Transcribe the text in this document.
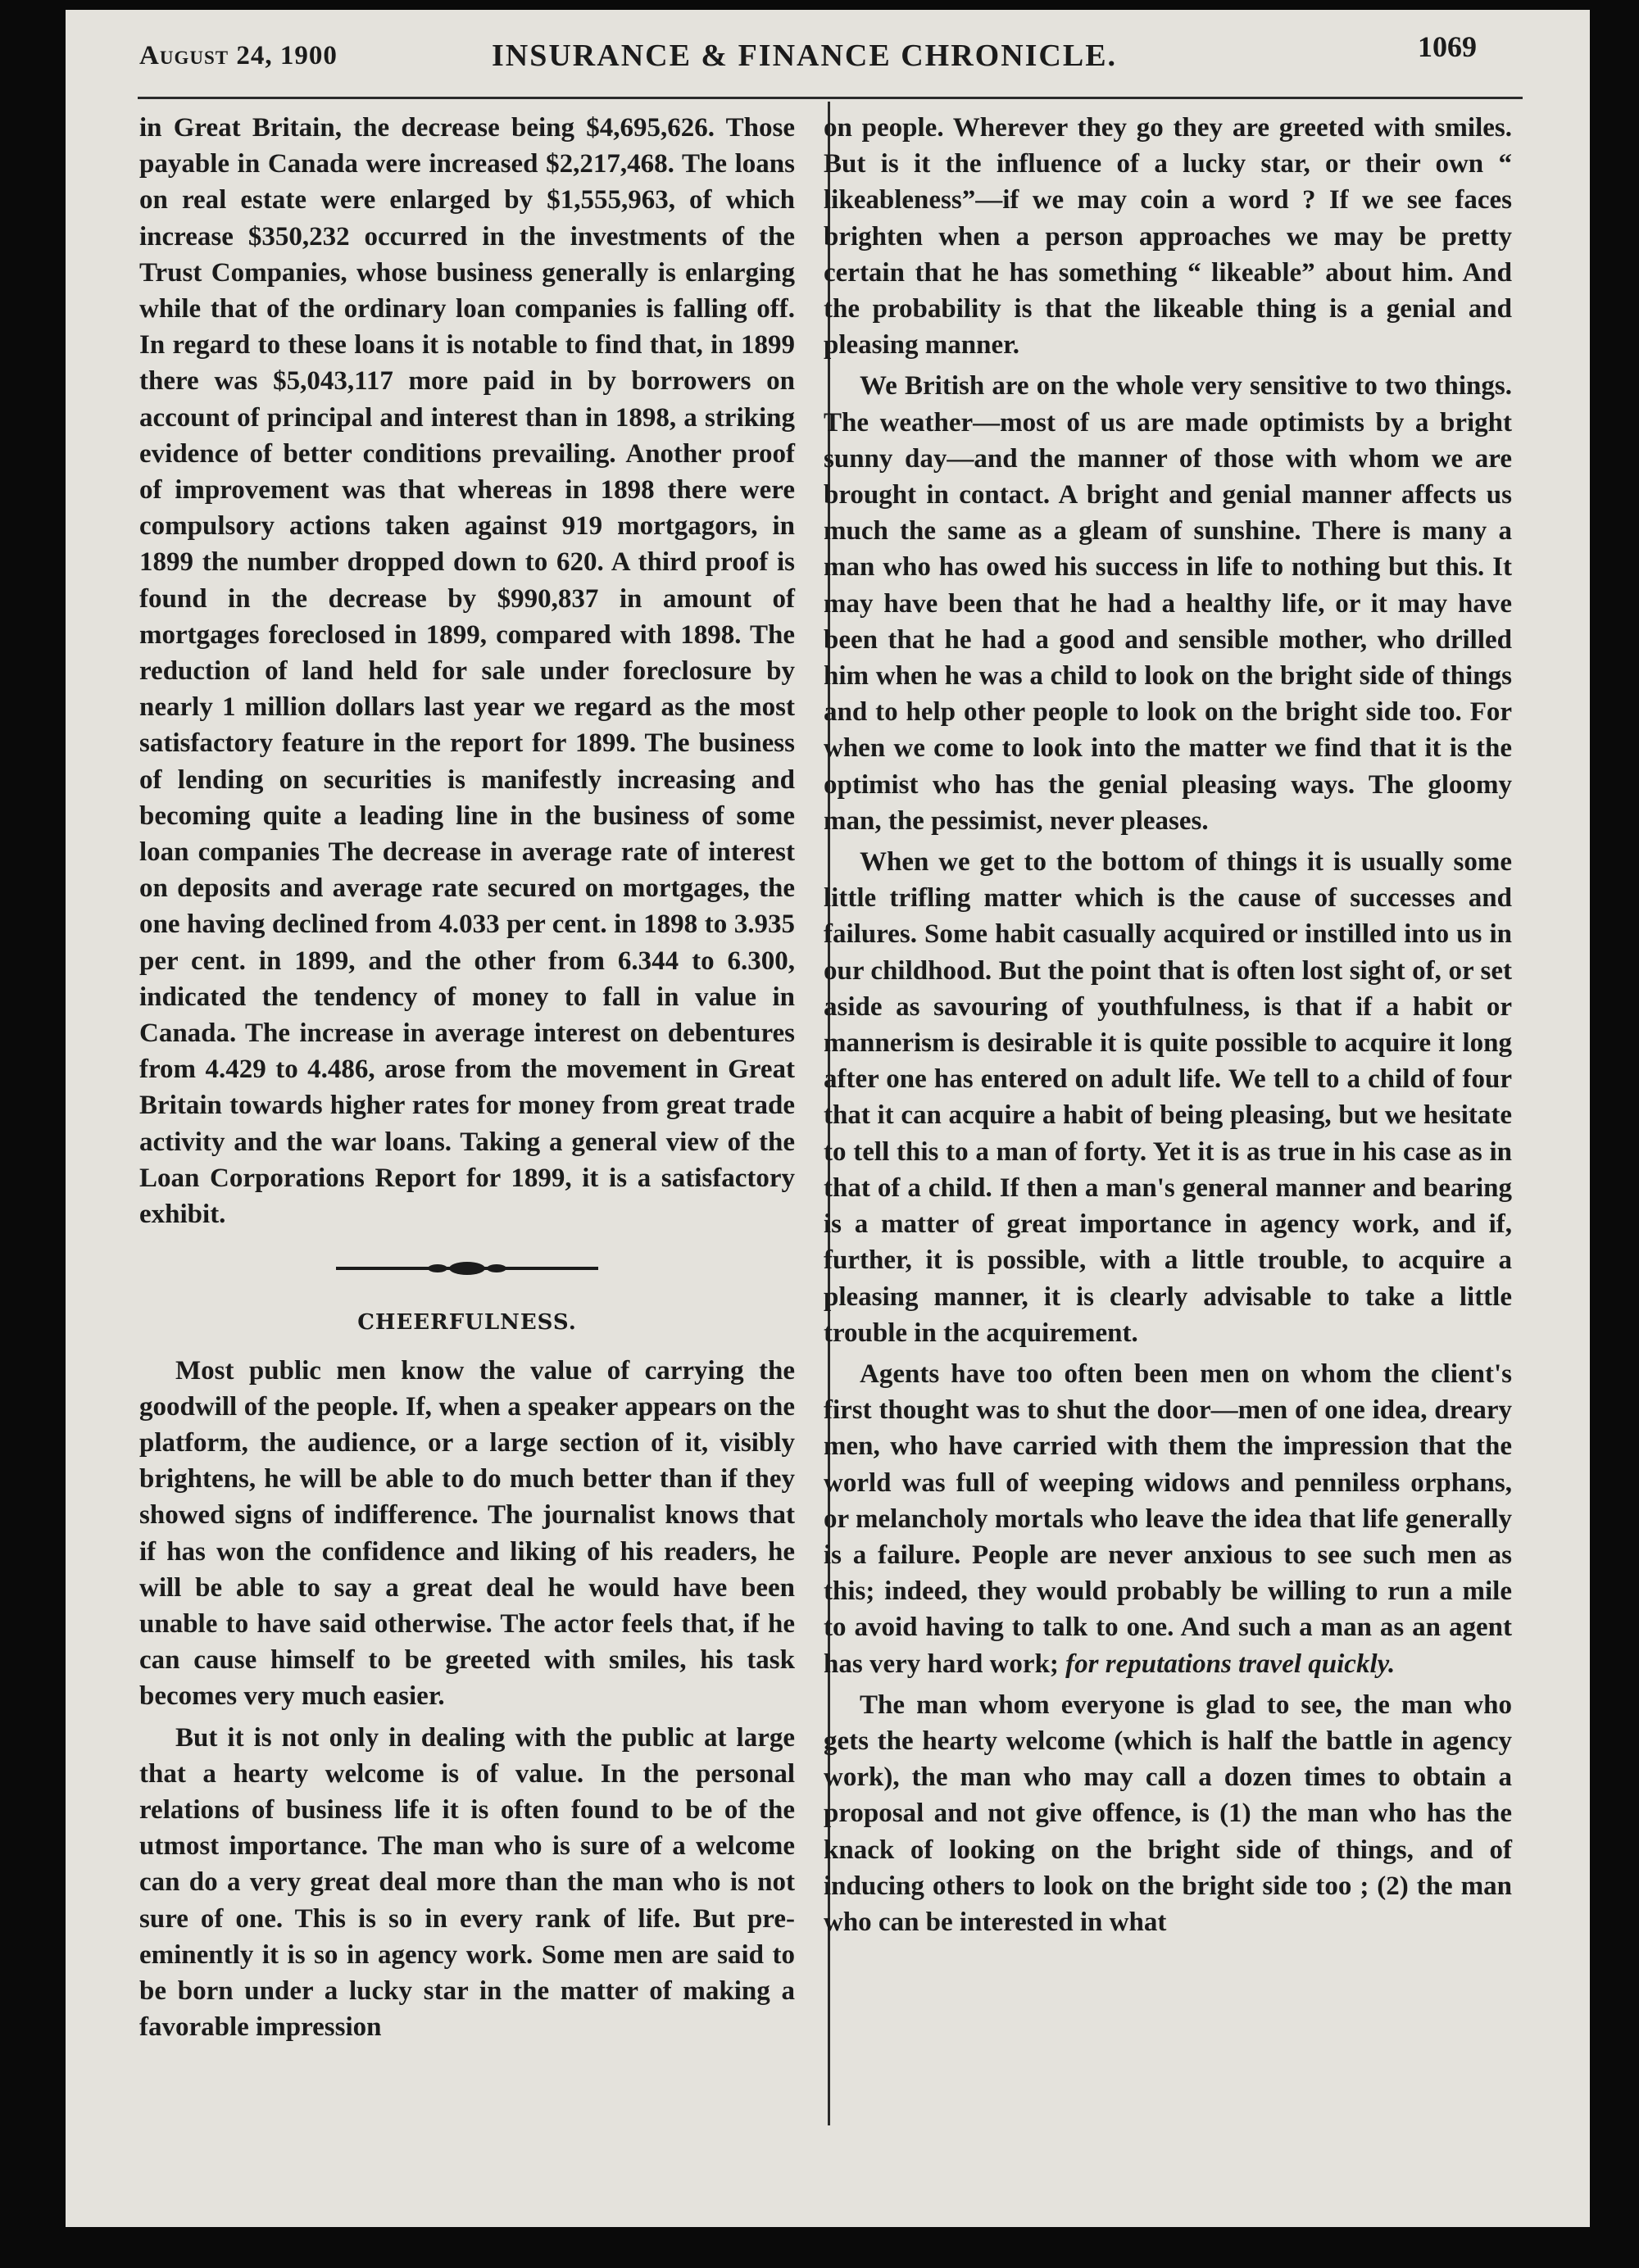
August 24, 1900	INSURANCE & FINANCE CHRONICLE.	1069

in Great Britain, the decrease being $4,695,626. Those payable in Canada were increased $2,217,468. The loans on real estate were enlarged by $1,555,963, of which increase $350,232 occurred in the investments of the Trust Companies, whose business generally is enlarging while that of the ordinary loan companies is falling off. In regard to these loans it is notable to find that, in 1899 there was $5,043,117 more paid in by borrowers on account of principal and interest than in 1898, a striking evidence of better conditions prevailing. Another proof of improvement was that whereas in 1898 there were compulsory actions taken against 919 mortgagors, in 1899 the number dropped down to 620. A third proof is found in the decrease by $990,837 in amount of mortgages foreclosed in 1899, compared with 1898. The reduction of land held for sale under foreclosure by nearly 1 million dollars last year we regard as the most satisfactory feature in the report for 1899. The business of lending on securities is manifestly increasing and becoming quite a leading line in the business of some loan companies The decrease in average rate of interest on deposits and average rate secured on mortgages, the one having declined from 4.033 per cent. in 1898 to 3.935 per cent. in 1899, and the other from 6.344 to 6.300, indicated the tendency of money to fall in value in Canada. The increase in average interest on debentures from 4.429 to 4.486, arose from the movement in Great Britain towards higher rates for money from great trade activity and the war loans. Taking a general view of the Loan Corporations Report for 1899, it is a satisfactory exhibit.

CHEERFULNESS.

Most public men know the value of carrying the goodwill of the people. If, when a speaker appears on the platform, the audience, or a large section of it, visibly brightens, he will be able to do much better than if they showed signs of indifference. The journalist knows that if has won the confidence and liking of his readers, he will be able to say a great deal he would have been unable to have said otherwise. The actor feels that, if he can cause himself to be greeted with smiles, his task becomes very much easier.

But it is not only in dealing with the public at large that a hearty welcome is of value. In the personal relations of business life it is often found to be of the utmost importance. The man who is sure of a welcome can do a very great deal more than the man who is not sure of one. This is so in every rank of life. But pre-eminently it is so in agency work. Some men are said to be born under a lucky star in the matter of making a favorable impression

on people. Wherever they go they are greeted with smiles. But is it the influence of a lucky star, or their own “ likeableness”—if we may coin a word ? If we see faces brighten when a person approaches we may be pretty certain that he has something “ likeable” about him. And the probability is that the likeable thing is a genial and pleasing manner.

We British are on the whole very sensitive to two things. The weather—most of us are made optimists by a bright sunny day—and the manner of those with whom we are brought in contact. A bright and genial manner affects us much the same as a gleam of sunshine. There is many a man who has owed his success in life to nothing but this. It may have been that he had a healthy life, or it may have been that he had a good and sensible mother, who drilled him when he was a child to look on the bright side of things and to help other people to look on the bright side too. For when we come to look into the matter we find that it is the optimist who has the genial pleasing ways. The gloomy man, the pessimist, never pleases.

When we get to the bottom of things it is usually some little trifling matter which is the cause of successes and failures. Some habit casually acquired or instilled into us in our childhood. But the point that is often lost sight of, or set aside as savouring of youthfulness, is that if a habit or mannerism is desirable it is quite possible to acquire it long after one has entered on adult life. We tell to a child of four that it can acquire a habit of being pleasing, but we hesitate to tell this to a man of forty. Yet it is as true in his case as in that of a child. If then a man's general manner and bearing is a matter of great importance in agency work, and if, further, it is possible, with a little trouble, to acquire a pleasing manner, it is clearly advisable to take a little trouble in the acquirement.

Agents have too often been men on whom the client's first thought was to shut the door—men of one idea, dreary men, who have carried with them the impression that the world was full of weeping widows and penniless orphans, or melancholy mortals who leave the idea that life generally is a failure. People are never anxious to see such men as this; indeed, they would probably be willing to run a mile to avoid having to talk to one. And such a man as an agent has very hard work; for reputations travel quickly.

The man whom everyone is glad to see, the man who gets the hearty welcome (which is half the battle in agency work), the man who may call a dozen times to obtain a proposal and not give offence, is (1) the man who has the knack of looking on the bright side of things, and of inducing others to look on the bright side too ; (2) the man who can be interested in what
